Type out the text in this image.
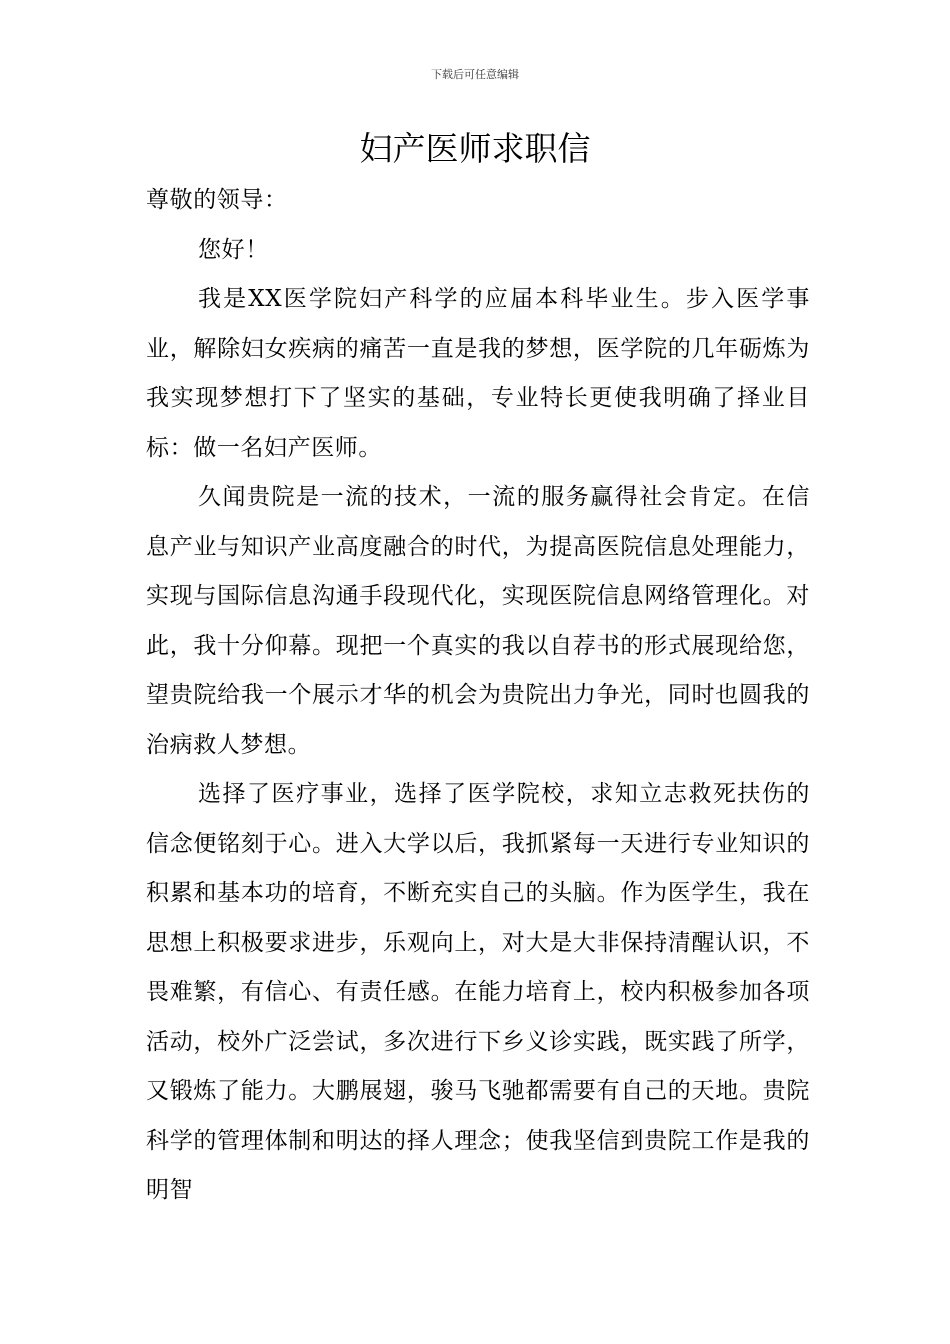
下载后可任意编辑
妇产医师求职信

尊敬的领导：

您好！

我是XX医学院妇产科学的应届本科毕业生。步入医学事业，解除妇女疾病的痛苦一直是我的梦想，医学院的几年砺炼为我实现梦想打下了坚实的基础，专业特长更使我明确了择业目标：做一名妇产医师。

久闻贵院是一流的技术，一流的服务赢得社会肯定。在信息产业与知识产业高度融合的时代，为提高医院信息处理能力，实现与国际信息沟通手段现代化，实现医院信息网络管理化。对此，我十分仰幕。现把一个真实的我以自荐书的形式展现给您，望贵院给我一个展示才华的机会为贵院出力争光，同时也圆我的治病救人梦想。

选择了医疗事业，选择了医学院校，求知立志救死扶伤的信念便铭刻于心。进入大学以后，我抓紧每一天进行专业知识的积累和基本功的培育，不断充实自己的头脑。作为医学生，我在思想上积极要求进步，乐观向上，对大是大非保持清醒认识，不畏难繁，有信心、有责任感。在能力培育上，校内积极参加各项活动，校外广泛尝试，多次进行下乡义诊实践，既实践了所学，又锻炼了能力。大鹏展翅，骏马飞驰都需要有自己的天地。贵院科学的管理体制和明达的择人理念；使我坚信到贵院工作是我的明智
